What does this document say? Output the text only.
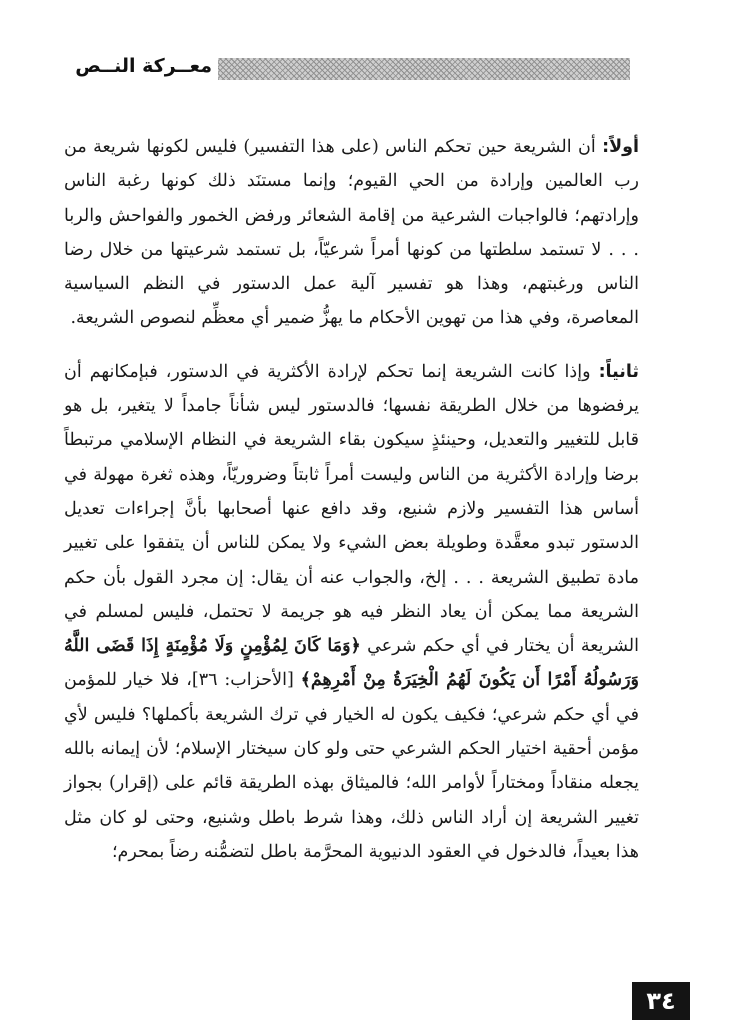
معــركة النــص

أولاً: أن الشريعة حين تحكم الناس (على هذا التفسير) فليس لكونها شريعة من رب العالمين وإرادة من الحي القيوم؛ وإنما مستنَد ذلك كونها رغبة الناس وإرادتهم؛ فالواجبات الشرعية من إقامة الشعائر ورفض الخمور والفواحش والربا . . . لا تستمد سلطتها من كونها أمراً شرعيّاً، بل تستمد شرعيتها من خلال رضا الناس ورغبتهم، وهذا هو تفسير آلية عمل الدستور في النظم السياسية المعاصرة، وفي هذا من تهوين الأحكام ما يهزُّ ضمير أي معظِّم لنصوص الشريعة.

ثانياً: وإذا كانت الشريعة إنما تحكم لإرادة الأكثرية في الدستور، فبإمكانهم أن يرفضوها من خلال الطريقة نفسها؛ فالدستور ليس شأناً جامداً لا يتغير، بل هو قابل للتغيير والتعديل، وحينئذٍ سيكون بقاء الشريعة في النظام الإسلامي مرتبطاً برضا وإرادة الأكثرية من الناس وليست أمراً ثابتاً وضروريّاً، وهذه ثغرة مهولة في أساس هذا التفسير ولازم شنيع، وقد دافع عنها أصحابها بأنَّ إجراءات تعديل الدستور تبدو معقَّدة وطويلة بعض الشيء ولا يمكن للناس أن يتفقوا على تغيير مادة تطبيق الشريعة . . . إلخ، والجواب عنه أن يقال: إن مجرد القول بأن حكم الشريعة مما يمكن أن يعاد النظر فيه هو جريمة لا تحتمل، فليس لمسلم في الشريعة أن يختار في أي حكم شرعي ﴿وَمَا كَانَ لِمُؤْمِنٍ وَلَا مُؤْمِنَةٍ إِذَا قَضَى اللَّهُ وَرَسُولُهُ أَمْرًا أَن يَكُونَ لَهُمُ الْخِيَرَةُ مِنْ أَمْرِهِمْ﴾ [الأحزاب: ٣٦]، فلا خيار للمؤمن في أي حكم شرعي؛ فكيف يكون له الخيار في ترك الشريعة بأكملها؟ فليس لأي مؤمن أحقية اختيار الحكم الشرعي حتى ولو كان سيختار الإسلام؛ لأن إيمانه بالله يجعله منقاداً ومختاراً لأوامر الله؛ فالميثاق بهذه الطريقة قائم على (إقرار) بجواز تغيير الشريعة إن أراد الناس ذلك، وهذا شرط باطل وشنيع، وحتى لو كان مثل هذا بعيداً، فالدخول في العقود الدنيوية المحرَّمة باطل لتضمُّنه رضاً بمحرم؛

٣٤
